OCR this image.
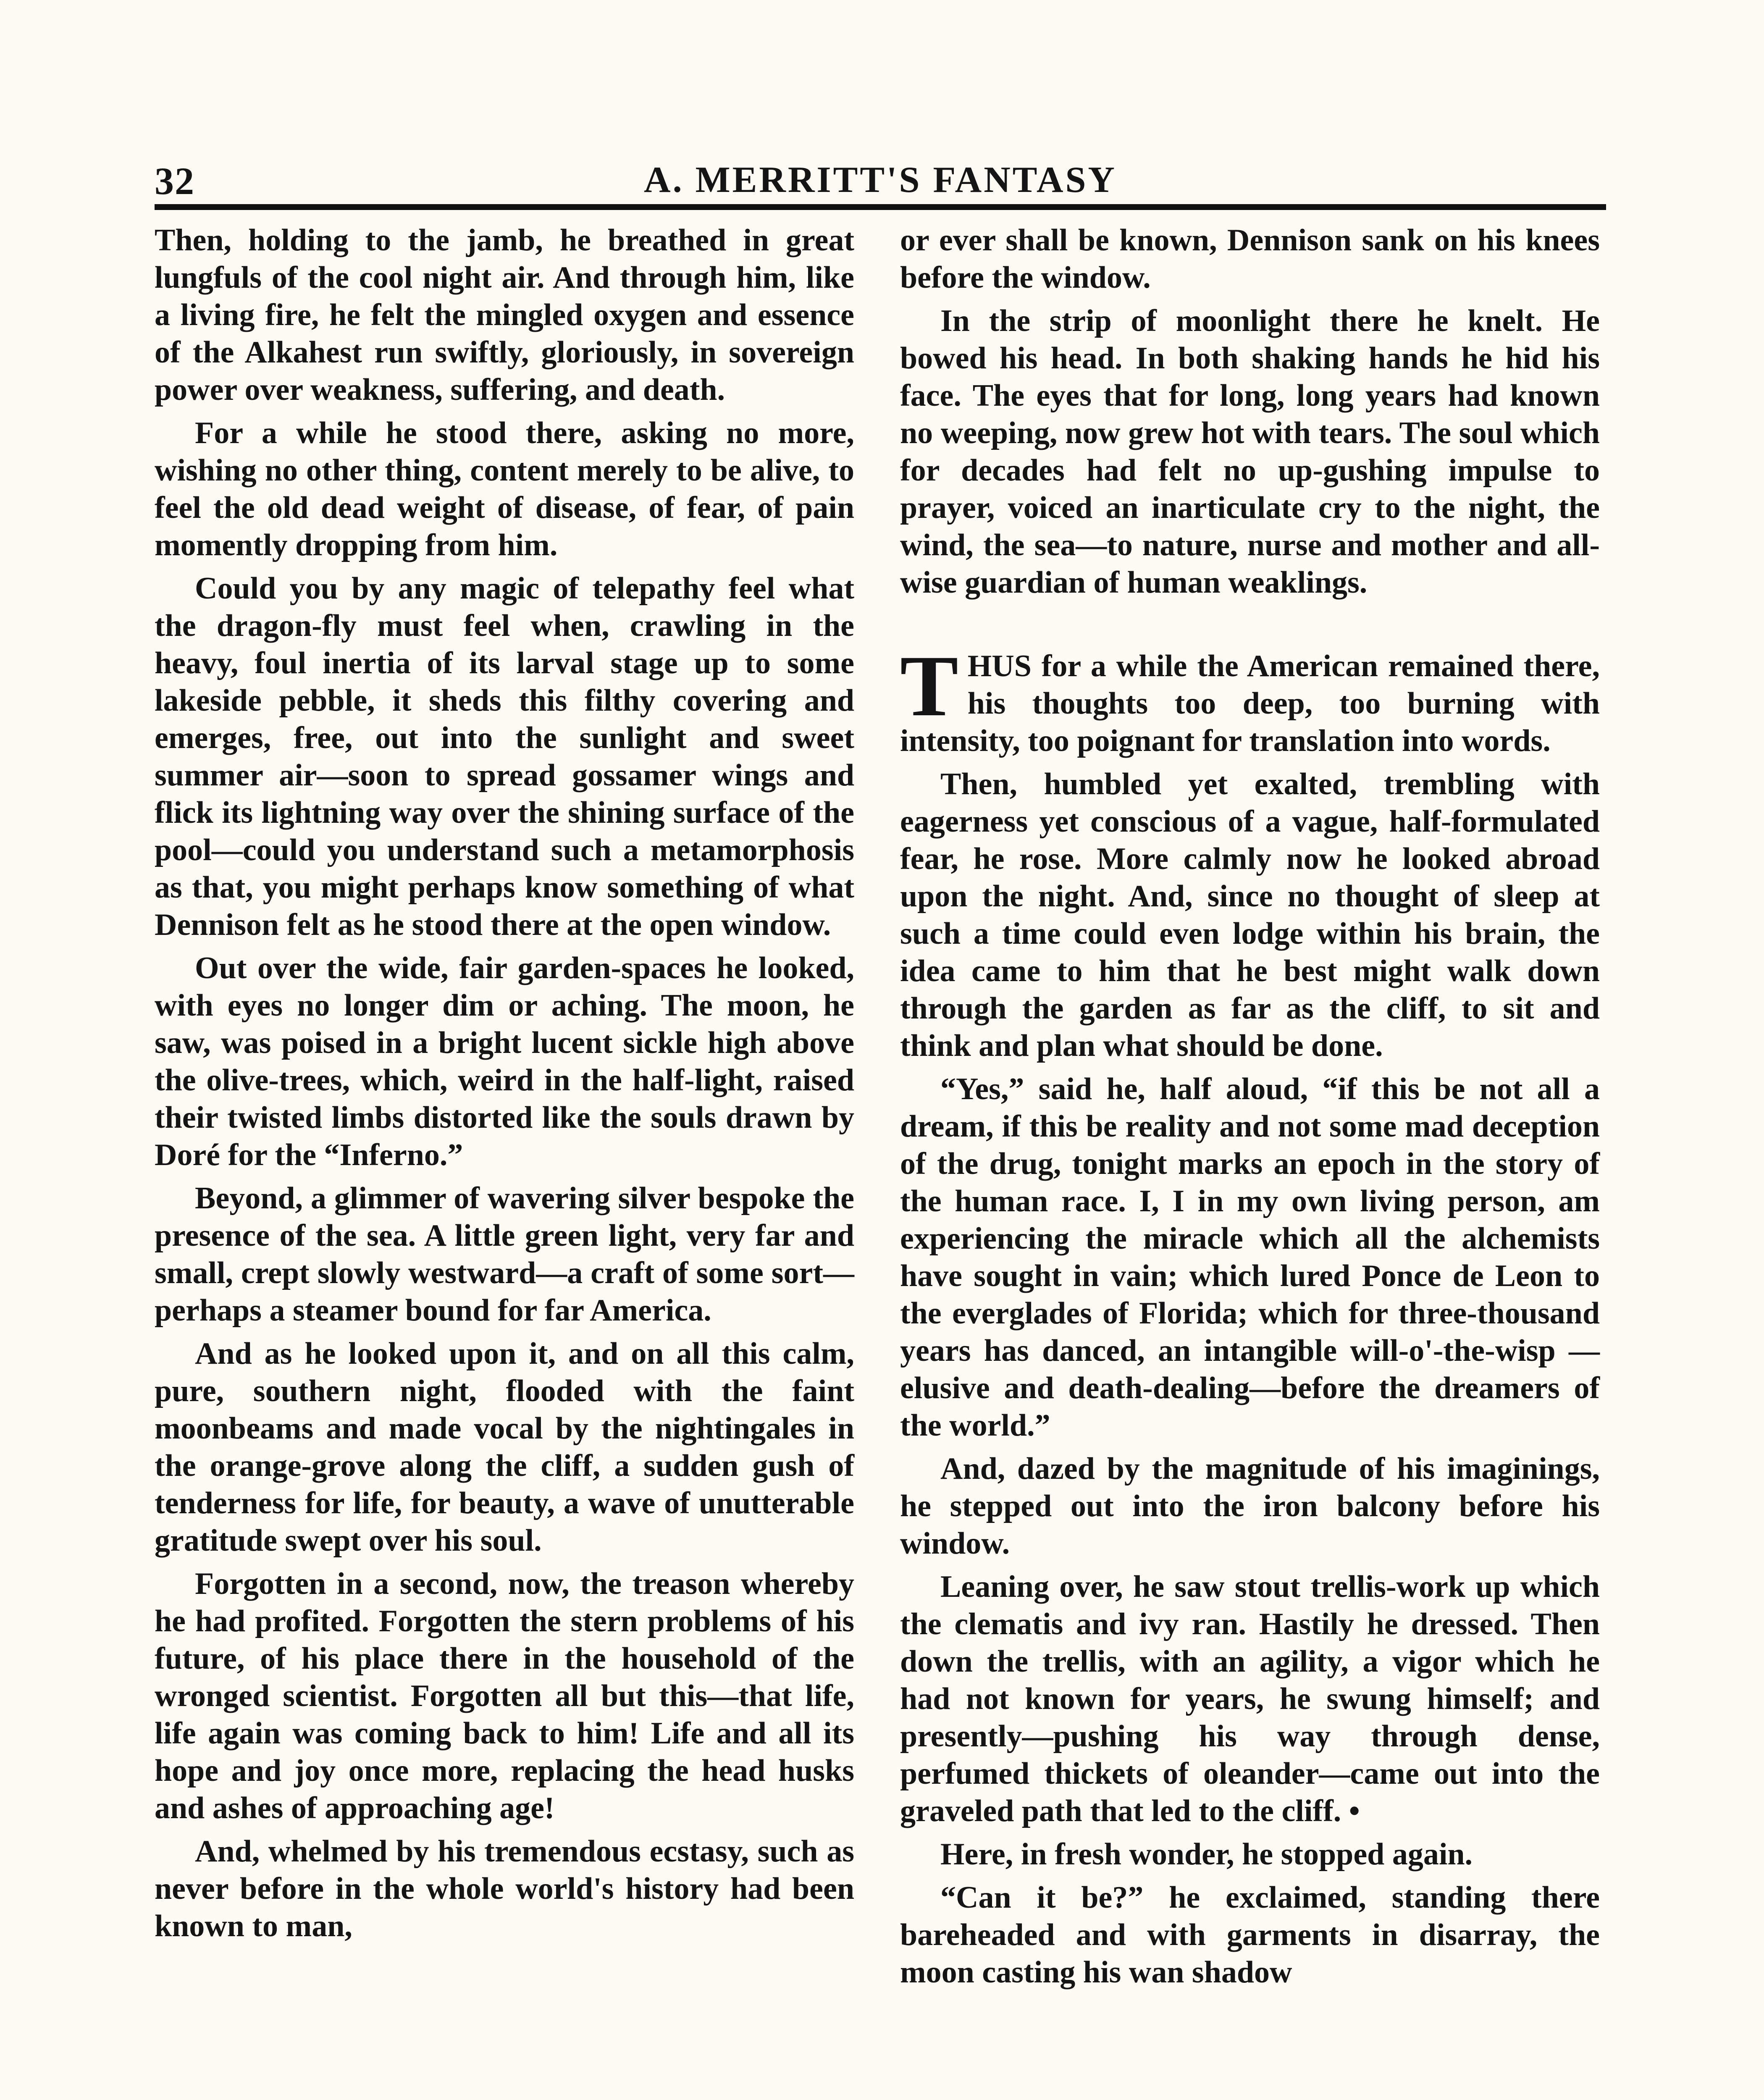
32	A. MERRITT'S FANTASY

Then, holding to the jamb, he breathed in great lungfuls of the cool night air. And through him, like a living fire, he felt the mingled oxygen and essence of the Alkahest run swiftly, gloriously, in sovereign power over weakness, suffering, and death.

For a while he stood there, asking no more, wishing no other thing, content merely to be alive, to feel the old dead weight of disease, of fear, of pain momently dropping from him.

Could you by any magic of telepathy feel what the dragon-fly must feel when, crawling in the heavy, foul inertia of its larval stage up to some lakeside pebble, it sheds this filthy covering and emerges, free, out into the sunlight and sweet summer air—soon to spread gossamer wings and flick its lightning way over the shining surface of the pool—could you understand such a metamorphosis as that, you might perhaps know something of what Dennison felt as he stood there at the open window.

Out over the wide, fair garden-spaces he looked, with eyes no longer dim or aching. The moon, he saw, was poised in a bright lucent sickle high above the olive-trees, which, weird in the half-light, raised their twisted limbs distorted like the souls drawn by Doré for the “Inferno.”

Beyond, a glimmer of wavering silver bespoke the presence of the sea. A little green light, very far and small, crept slowly westward—a craft of some sort—perhaps a steamer bound for far America.

And as he looked upon it, and on all this calm, pure, southern night, flooded with the faint moonbeams and made vocal by the nightingales in the orange-grove along the cliff, a sudden gush of tenderness for life, for beauty, a wave of unutterable gratitude swept over his soul.

Forgotten in a second, now, the treason whereby he had profited. Forgotten the stern problems of his future, of his place there in the household of the wronged scientist. Forgotten all but this—that life, life again was coming back to him! Life and all its hope and joy once more, replacing the head husks and ashes of approaching age!

And, whelmed by his tremendous ecstasy, such as never before in the whole world's history had been known to man,

or ever shall be known, Dennison sank on his knees before the window.

In the strip of moonlight there he knelt. He bowed his head. In both shaking hands he hid his face. The eyes that for long, long years had known no weeping, now grew hot with tears. The soul which for decades had felt no up-gushing impulse to prayer, voiced an inarticulate cry to the night, the wind, the sea—to nature, nurse and mother and all-wise guardian of human weaklings.

THUS for a while the American remained there, his thoughts too deep, too burning with intensity, too poignant for translation into words.

Then, humbled yet exalted, trembling with eagerness yet conscious of a vague, half-formulated fear, he rose. More calmly now he looked abroad upon the night. And, since no thought of sleep at such a time could even lodge within his brain, the idea came to him that he best might walk down through the garden as far as the cliff, to sit and think and plan what should be done.

“Yes,” said he, half aloud, “if this be not all a dream, if this be reality and not some mad deception of the drug, tonight marks an epoch in the story of the human race. I, I in my own living person, am experiencing the miracle which all the alchemists have sought in vain; which lured Ponce de Leon to the everglades of Florida; which for three-thousand years has danced, an intangible will-o'-the-wisp —elusive and death-dealing—before the dreamers of the world.”

And, dazed by the magnitude of his imaginings, he stepped out into the iron balcony before his window.

Leaning over, he saw stout trellis-work up which the clematis and ivy ran. Hastily he dressed. Then down the trellis, with an agility, a vigor which he had not known for years, he swung himself; and presently—pushing his way through dense, perfumed thickets of oleander—came out into the graveled path that led to the cliff. •

Here, in fresh wonder, he stopped again.

“Can it be?” he exclaimed, standing there bareheaded and with garments in disarray, the moon casting his wan shadow
